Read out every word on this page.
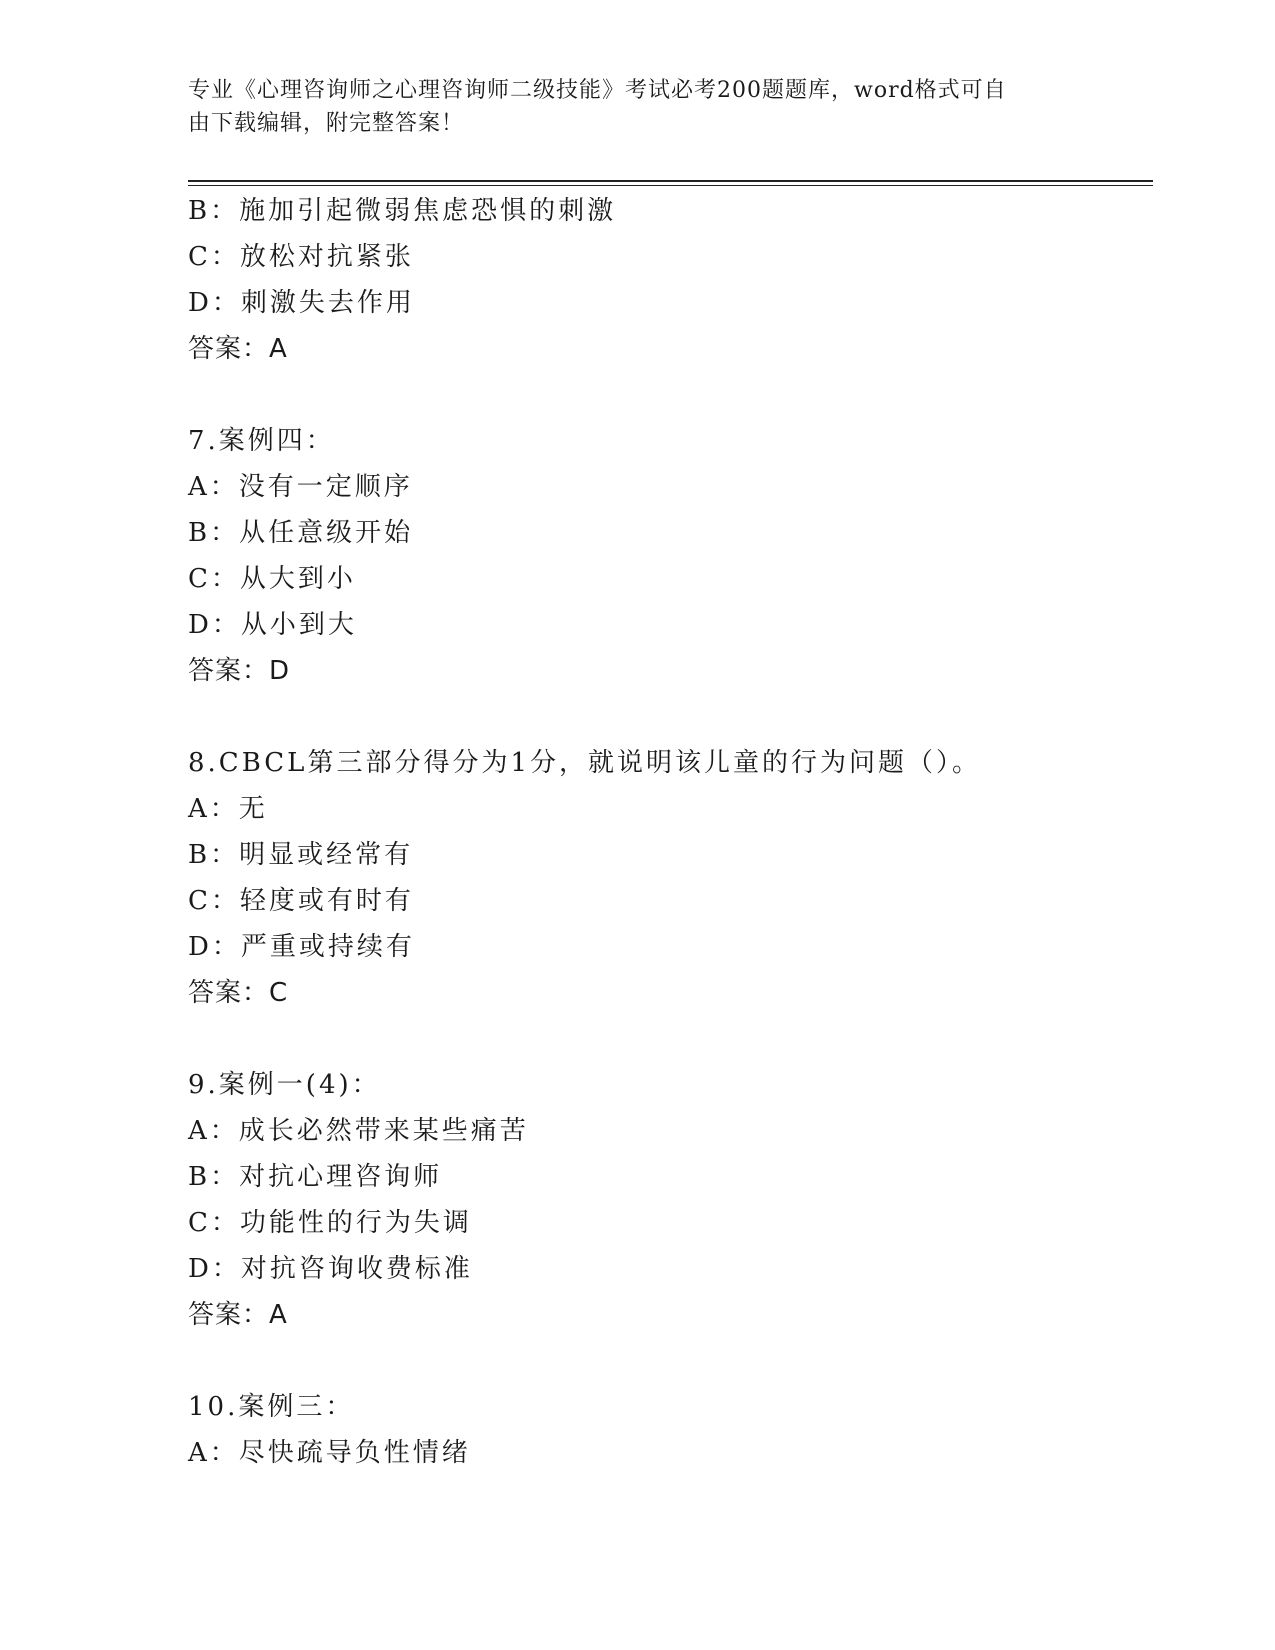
专业《心理咨询师之心理咨询师二级技能》考试必考200题题库，word格式可自
由下载编辑，附完整答案！
B：施加引起微弱焦虑恐惧的刺激
C：放松对抗紧张
D：刺激失去作用
答案：A
7.案例四：
A：没有一定顺序
B：从任意级开始
C：从大到小
D：从小到大
答案：D
8.CBCL第三部分得分为1分，就说明该儿童的行为问题（）。
A：无
B：明显或经常有
C：轻度或有时有
D：严重或持续有
答案：C
9.案例一(4)：
A：成长必然带来某些痛苦
B：对抗心理咨询师
C：功能性的行为失调
D：对抗咨询收费标准
答案：A
10.案例三：
A：尽快疏导负性情绪
